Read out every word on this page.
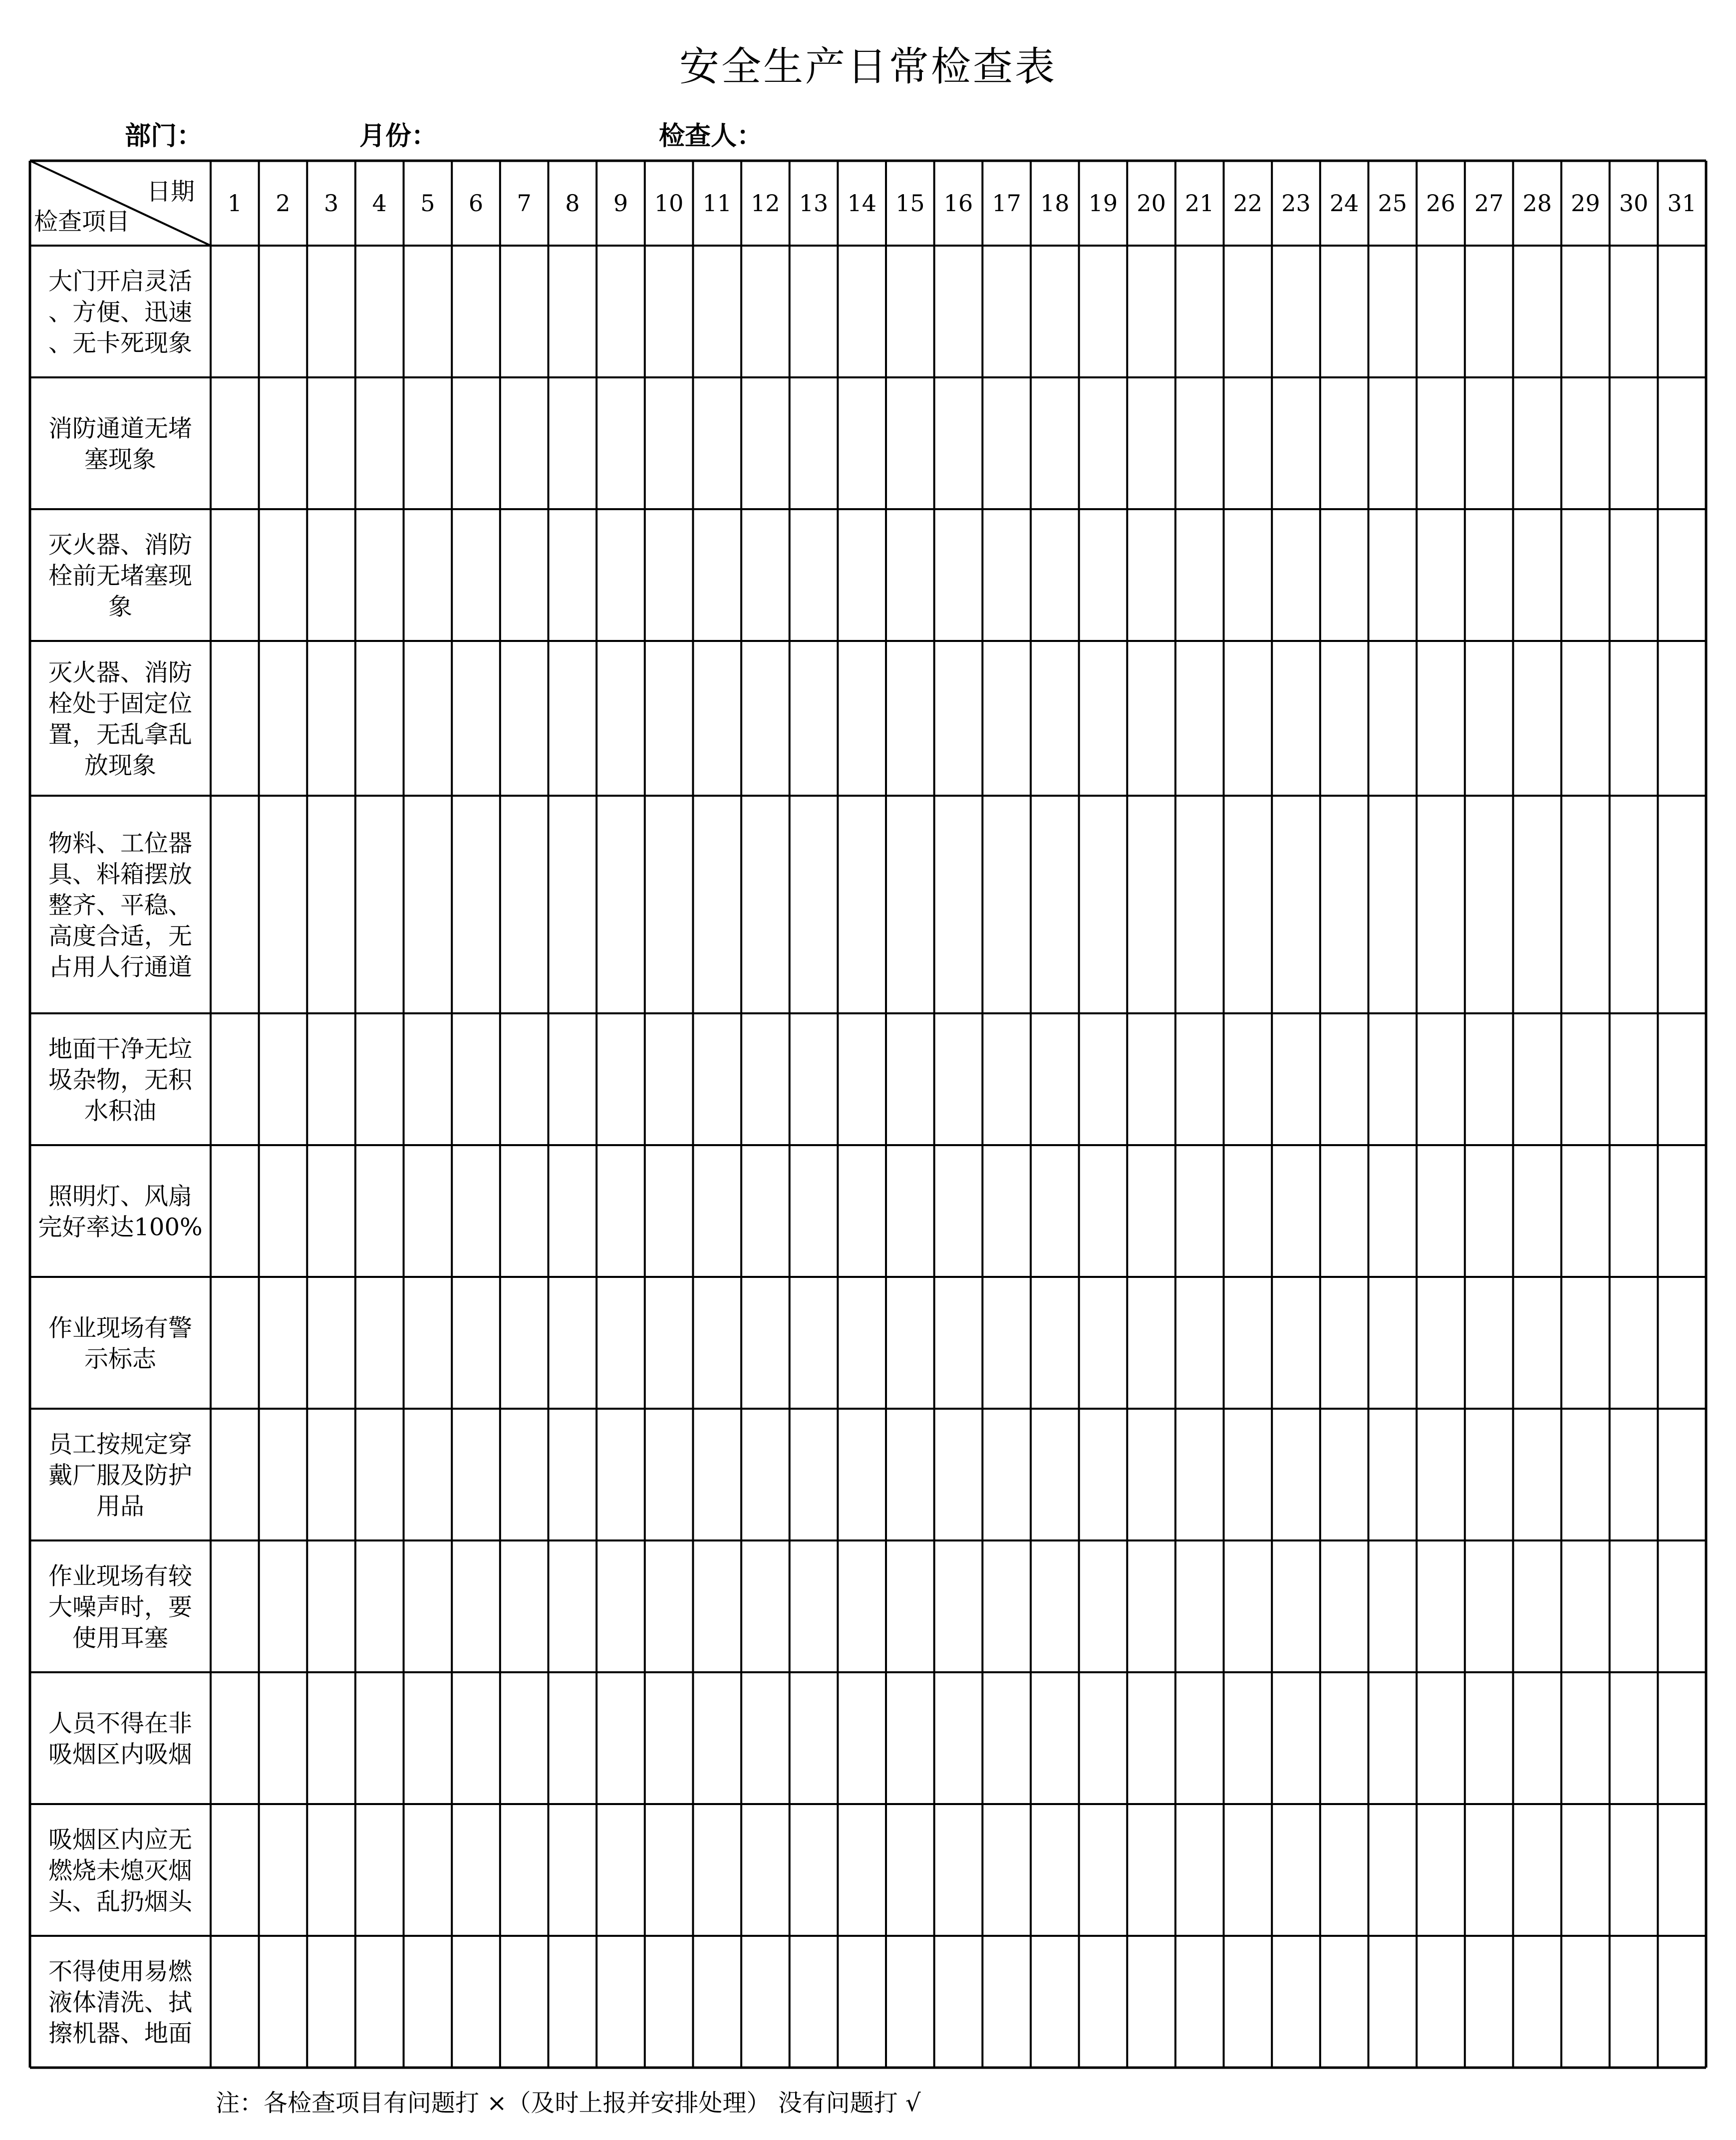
安全生产日常检查表
部门：	月份：	检查人：
日期
检查项目
1 2 3 4 5 6 7 8 9 10 11 12 13 14 15 16 17 18 19 20 21 22 23 24 25 26 27 28 29 30 31
大门开启灵活
、方便、迅速
、无卡死现象
消防通道无堵
塞现象
灭火器、消防
栓前无堵塞现
象
灭火器、消防
栓处于固定位
置，无乱拿乱
放现象
物料、工位器
具、料箱摆放
整齐、平稳、
高度合适，无
占用人行通道
地面干净无垃
圾杂物，无积
水积油
照明灯、风扇
完好率达100%
作业现场有警
示标志
员工按规定穿
戴厂服及防护
用品
作业现场有较
大噪声时，要
使用耳塞
人员不得在非
吸烟区内吸烟
吸烟区内应无
燃烧未熄灭烟
头、乱扔烟头
不得使用易燃
液体清洗、拭
擦机器、地面
注：各检查项目有问题打 ×（及时上报并安排处理） 没有问题打 √
